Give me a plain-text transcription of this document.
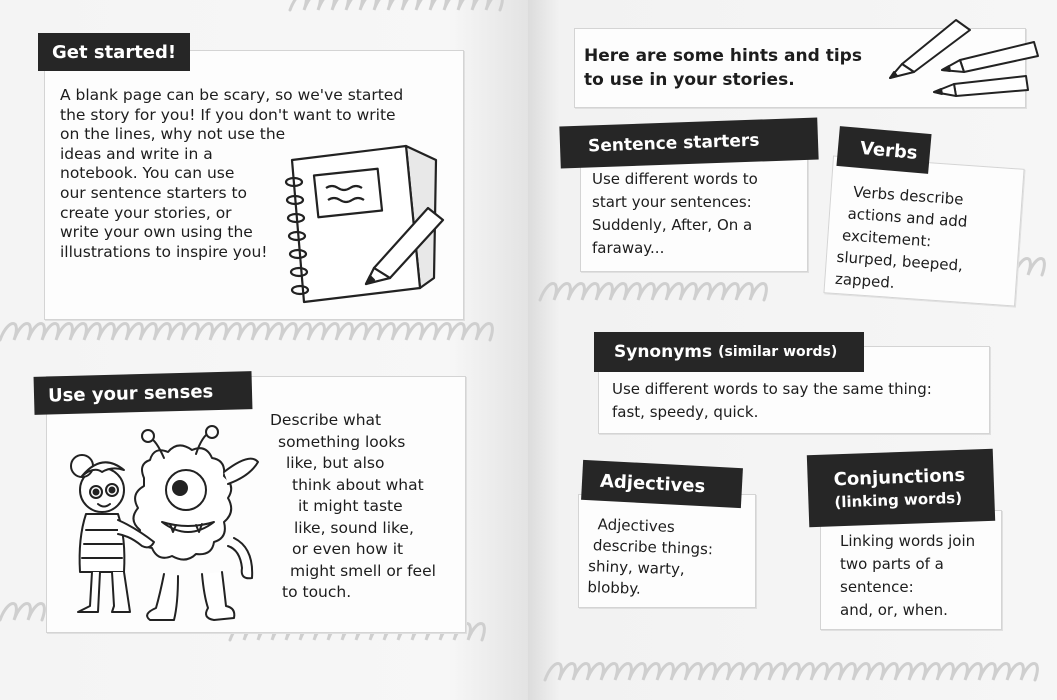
Get started!
A blank page can be scary, so we've started
the story for you! If you don't want to write
on the lines, why not use the
ideas and write in a
notebook. You can use
our sentence starters to
create your stories, or
write your own using the
illustrations to inspire you!
Use your senses
Describe what
something looks
like, but also
think about what
it might taste
like, sound like,
or even how it
might smell or feel
to touch.
Here are some hints and tips
to use in your stories.
Sentence starters
Use different words to
start your sentences:
Suddenly, After, On a
faraway...
Verbs
Verbs describe
actions and add
excitement:
slurped, beeped,
zapped.
Synonyms (similar words)
Use different words to say the same thing:
fast, speedy, quick.
Adjectives
Adjectives
describe things:
shiny, warty,
blobby.
Conjunctions
(linking words)
Linking words join
two parts of a
sentence:
and, or, when.
